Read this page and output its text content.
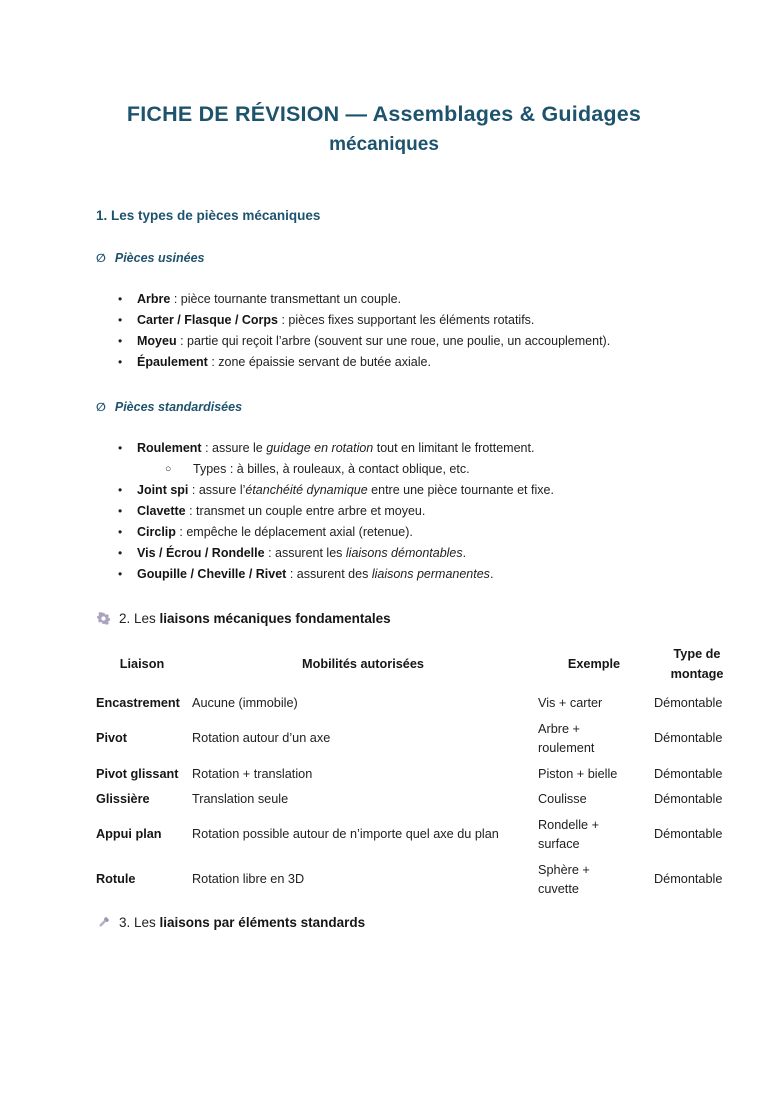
FICHE DE RÉVISION — Assemblages & Guidages
mécaniques
1. Les types de pièces mécaniques
∅ Pièces usinées
• Arbre : pièce tournante transmettant un couple.
• Carter / Flasque / Corps : pièces fixes supportant les éléments rotatifs.
• Moyeu : partie qui reçoit l’arbre (souvent sur une roue, une poulie, un accouplement).
• Épaulement : zone épaissie servant de butée axiale.
∅ Pièces standardisées
• Roulement : assure le guidage en rotation tout en limitant le frottement.
○ Types : à billes, à rouleaux, à contact oblique, etc.
• Joint spi : assure l’étanchéité dynamique entre une pièce tournante et fixe.
• Clavette : transmet un couple entre arbre et moyeu.
• Circlip : empêche le déplacement axial (retenue).
• Vis / Écrou / Rondelle : assurent les liaisons démontables.
• Goupille / Cheville / Rivet : assurent des liaisons permanentes.
2. Les liaisons mécaniques fondamentales
Liaison	Mobilités autorisées	Exemple	Type de montage
Encastrement	Aucune (immobile)	Vis + carter	Démontable
Pivot	Rotation autour d’un axe	Arbre + roulement	Démontable
Pivot glissant	Rotation + translation	Piston + bielle	Démontable
Glissière	Translation seule	Coulisse	Démontable
Appui plan	Rotation possible autour de n’importe quel axe du plan	Rondelle + surface	Démontable
Rotule	Rotation libre en 3D	Sphère + cuvette	Démontable
3. Les liaisons par éléments standards
